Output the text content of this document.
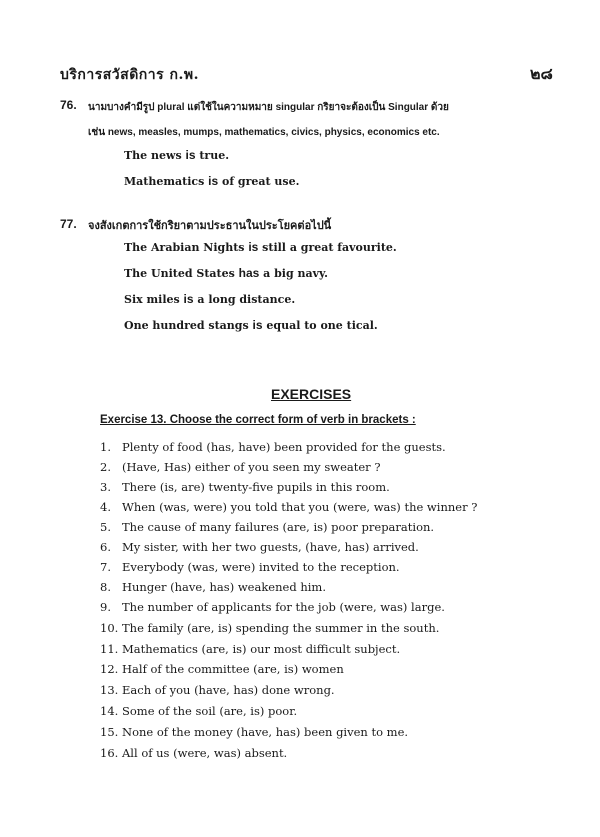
บริการสวัสดิการ ก.พ.	๒๘
76. นามบางคำมีรูป plural แต่ใช้ในความหมาย singular กริยาจะต้องเป็น Singular ด้วย
เช่น news, measles, mumps, mathematics, civics, physics, economics etc.
The news is true.
Mathematics is of great use.
77. จงสังเกตการใช้กริยาตามประธานในประโยคต่อไปนี้
The Arabian Nights is still a great favourite.
The United States has a big navy.
Six miles is a long distance.
One hundred stangs is equal to one tical.
EXERCISES
Exercise 13. Choose the correct form of verb in brackets :
1. Plenty of food (has, have) been provided for the guests.
2. (Have, Has) either of you seen my sweater ?
3. There (is, are) twenty-five pupils in this room.
4. When (was, were) you told that you (were, was) the winner ?
5. The cause of many failures (are, is) poor preparation.
6. My sister, with her two guests, (have, has) arrived.
7. Everybody (was, were) invited to the reception.
8. Hunger (have, has) weakened him.
9. The number of applicants for the job (were, was) large.
10. The family (are, is) spending the summer in the south.
11. Mathematics (are, is) our most difficult subject.
12. Half of the committee (are, is) women
13. Each of you (have, has) done wrong.
14. Some of the soil (are, is) poor.
15. None of the money (have, has) been given to me.
16. All of us (were, was) absent.
